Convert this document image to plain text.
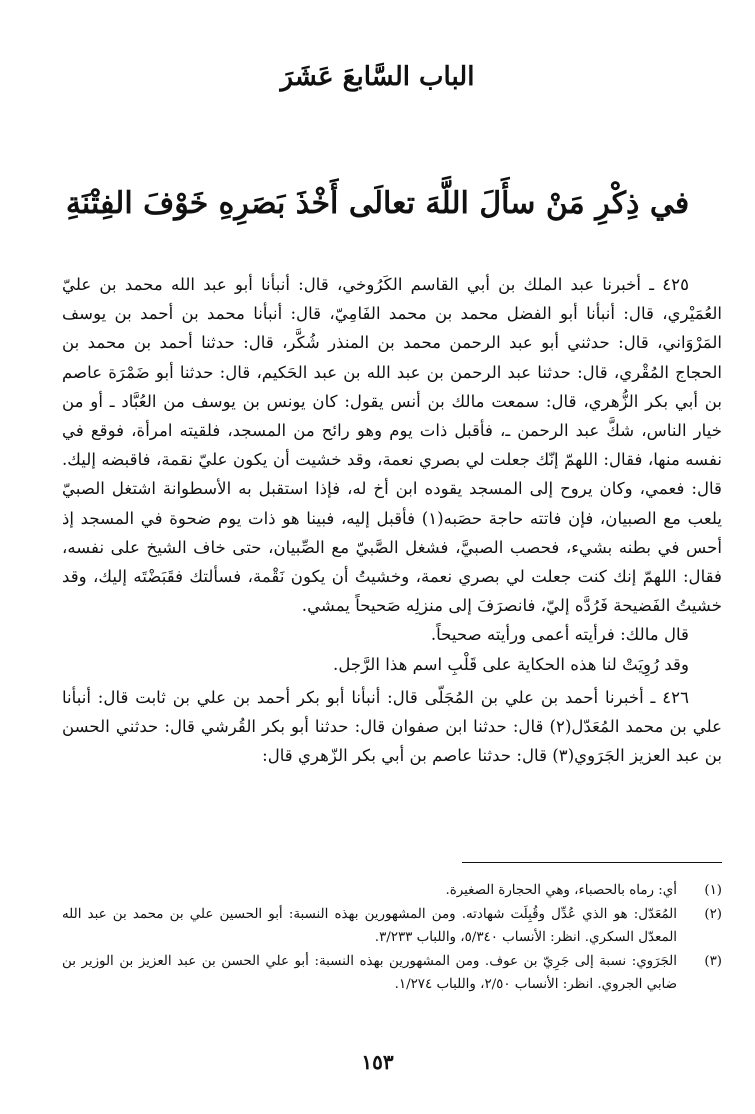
الباب السَّابعَ عَشَرَ
في ذِكْرِ مَنْ سأَلَ اللَّهَ تعالَى أَخْذَ بَصَرِهِ خَوْفَ الفِتْنَةِ

٤٢٥ ـ أخبرنا عبد الملك بن أبي القاسم الكَرُوخي، قال: أنبأنا أبو عبد الله محمد بن عليّ العُمَيْري، قال: أنبأنا أبو الفضل محمد بن محمد الفَامِيّ، قال: أنبأنا محمد بن أحمد بن يوسف المَرْوَاني، قال: حدثني أبو عبد الرحمن محمد بن المنذر شُكَّر، قال: حدثنا أحمد بن محمد بن الحجاج المُقْري، قال: حدثنا عبد الرحمن بن عبد الله بن عبد الحَكيم، قال: حدثنا أبو ضَمْرَة عاصم بن أبي بكر الزُّهري، قال: سمعت مالك بن أنس يقول: كان يونس بن يوسف من العُبَّاد ـ أو من خيار الناس، شكَّ عبد الرحمن ـ، فأقبل ذات يوم وهو رائح من المسجد، فلقيته امرأة، فوقع في نفسه منها، فقال: اللهمّ إنّك جعلت لي بصري نعمة، وقد خشيت أن يكون عليّ نقمة، فاقبضه إليك. قال: فعمي، وكان يروح إلى المسجد يقوده ابن أخ له، فإذا استقبل به الأسطوانة اشتغل الصبيّ يلعب مع الصبيان، فإن فاتته حاجة حصَبه(١) فأقبل إليه، فبينا هو ذات يوم ضحوة في المسجد إذ أحس في بطنه بشيء، فحصب الصبيَّ، فشغل الصَّبيّ مع الصِّبيان، حتى خاف الشيخ على نفسه، فقال: اللهمّ إنك كنت جعلت لي بصري نعمة، وخشيتُ أن يكون نَقْمة، فسألتك فقَبَضْتَه إليك، وقد خشيتُ الفَضيحة فَرُدَّه إليّ، فانصرَفَ إلى منزلِه صَحيحاً يمشي.

قال مالك: فرأيته أعمى ورأيته صحيحاً.

وقد رُوِيَتْ لنا هذه الحكاية على قَلْبِ اسم هذا الرَّجل.

٤٢٦ ـ أخبرنا أحمد بن علي بن المُجَلّى قال: أنبأنا أبو بكر أحمد بن علي بن ثابت قال: أنبأنا علي بن محمد المُعَدّل(٢) قال: حدثنا ابن صفوان قال: حدثنا أبو بكر القُرشي قال: حدثني الحسن بن عبد العزيز الجَرَوي(٣) قال: حدثنا عاصم بن أبي بكر الزّهري قال:

(١)
أي: رماه بالحصباء، وهي الحجارة الصغيرة.
(٢)
المُعَدّل: هو الذي عُدِّل وقُبِلَت شهادته. ومن المشهورين بهذه النسبة: أبو الحسين علي بن محمد بن عبد الله المعدّل السكري. انظر: الأنساب ٥/٣٤٠، واللباب ٣/٢٣٣.
(٣)
الجَرَوي: نسبة إلى جَرِيّ بن عوف. ومن المشهورين بهذه النسبة: أبو علي الحسن بن عبد العزيز بن الوزير بن ضابي الجروي. انظر: الأنساب ٢/٥٠، واللباب ١/٢٧٤.
١٥٣
